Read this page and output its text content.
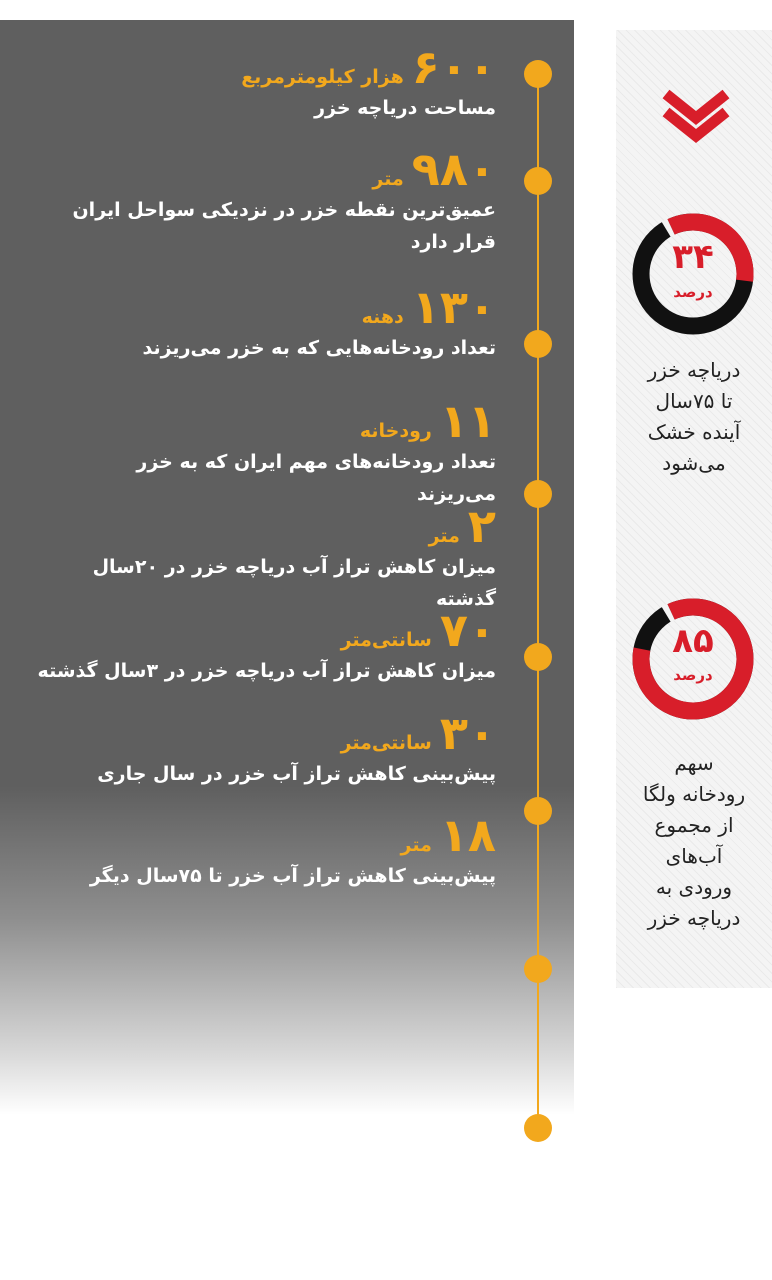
۶۰۰هزار کیلومترمربع
مساحت دریاچه خزر
۹۸۰متر
عمیق‌ترین نقطه خزر در نزدیکی سواحل ایران قرار دارد
۱۳۰دهنه
تعداد رودخانه‌هایی که به خزر می‌ریزند
۱۱رودخانه
تعداد رودخانه‌های مهم ایران که به خزر می‌ریزند
۲متر
میزان کاهش تراز آب دریاچه خزر در ۲۰سال گذشته
۷۰سانتی‌متر
میزان کاهش تراز آب دریاچه خزر در ۳سال گذشته
۳۰سانتی‌متر
پیش‌بینی کاهش تراز آب خزر در سال جاری
۱۸متر
پیش‌بینی کاهش تراز آب خزر تا ۷۵سال دیگر
۳۴
درصد
دریاچه خزر
تا ۷۵سال
آینده خشک
می‌شود
۸۵
درصد
سهم
رودخانه ولگا
از مجموع
آب‌های
ورودی به
دریاچه خزر
